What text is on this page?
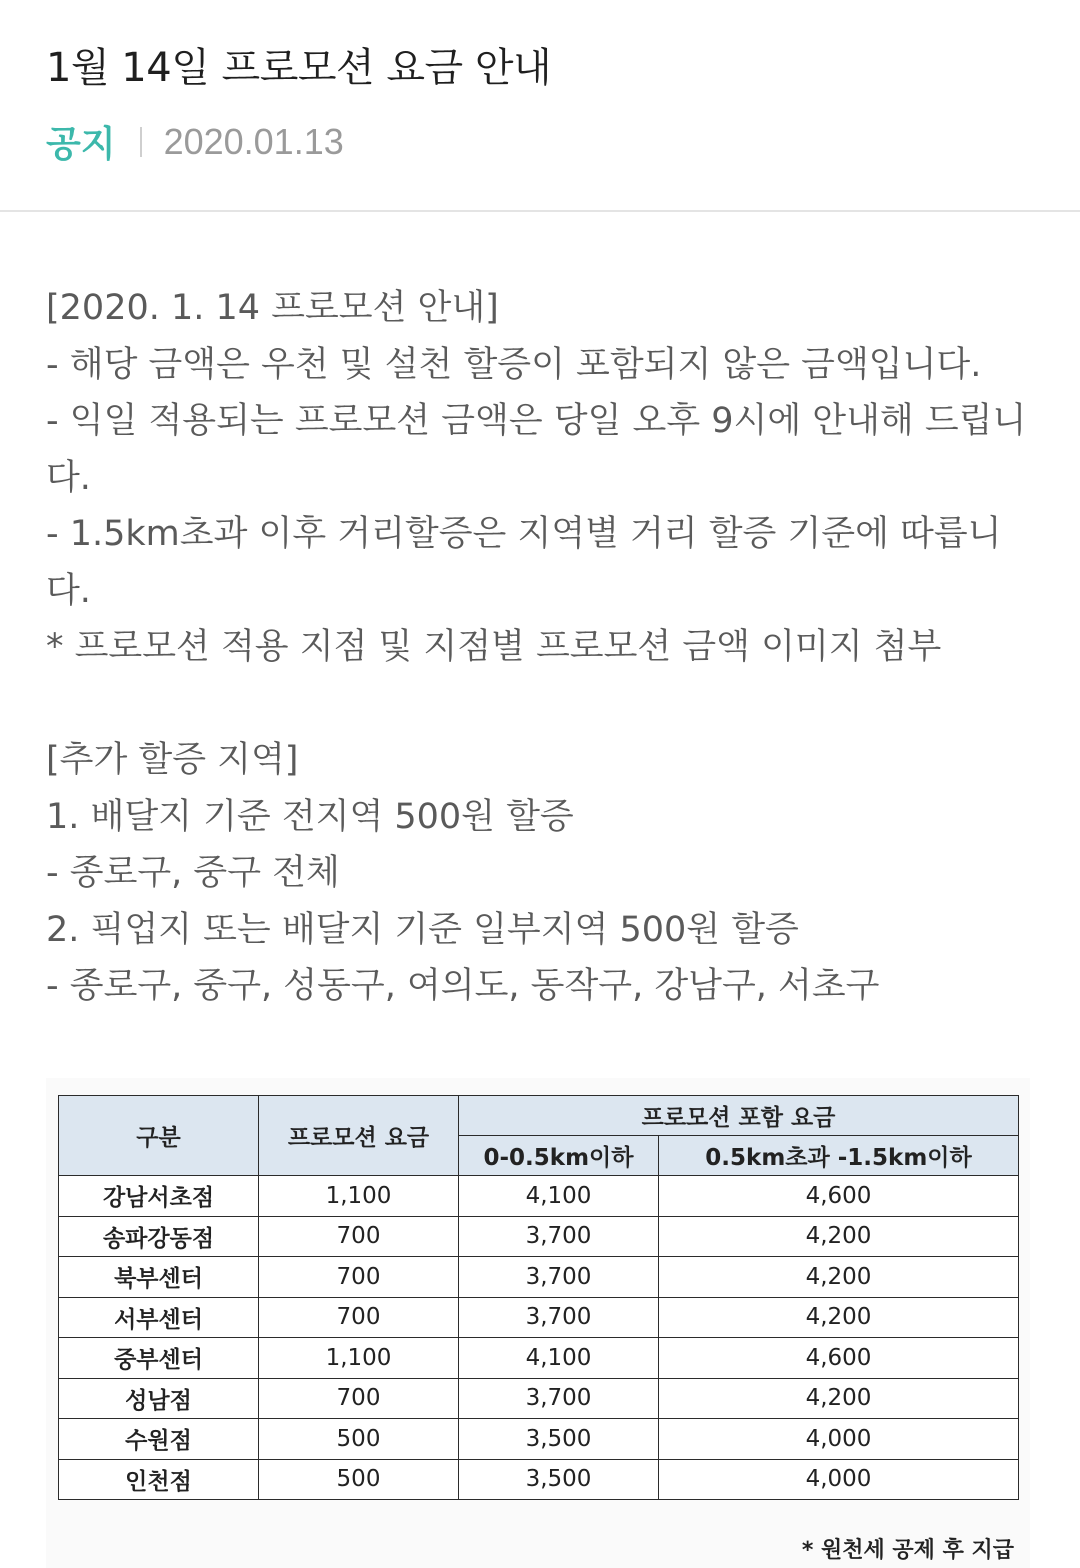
1월 14일 프로모션 요금 안내
공지 2020.01.13
[2020. 1. 14 프로모션 안내]
- 해당 금액은 우천 및 설천 할증이 포함되지 않은 금액입니다.
- 익일 적용되는 프로모션 금액은 당일 오후 9시에 안내해 드립니
다.
- 1.5km초과 이후 거리할증은 지역별 거리 할증 기준에 따릅니
다.
* 프로모션 적용 지점 및 지점별 프로모션 금액 이미지 첨부
[추가 할증 지역]
1. 배달지 기준 전지역 500원 할증
- 종로구, 중구 전체
2. 픽업지 또는 배달지 기준 일부지역 500원 할증
- 종로구, 중구, 성동구, 여의도, 동작구, 강남구, 서초구
구분	프로모션 요금	프로모션 포함 요금	
		0-0.5km이하	0.5km초과 -1.5km이하
강남서초점	1,100	4,100	4,600
송파강동점	700	3,700	4,200
북부센터	700	3,700	4,200
서부센터	700	3,700	4,200
중부센터	1,100	4,100	4,600
성남점	700	3,700	4,200
수원점	500	3,500	4,000
인천점	500	3,500	4,000
* 원천세 공제 후 지급
